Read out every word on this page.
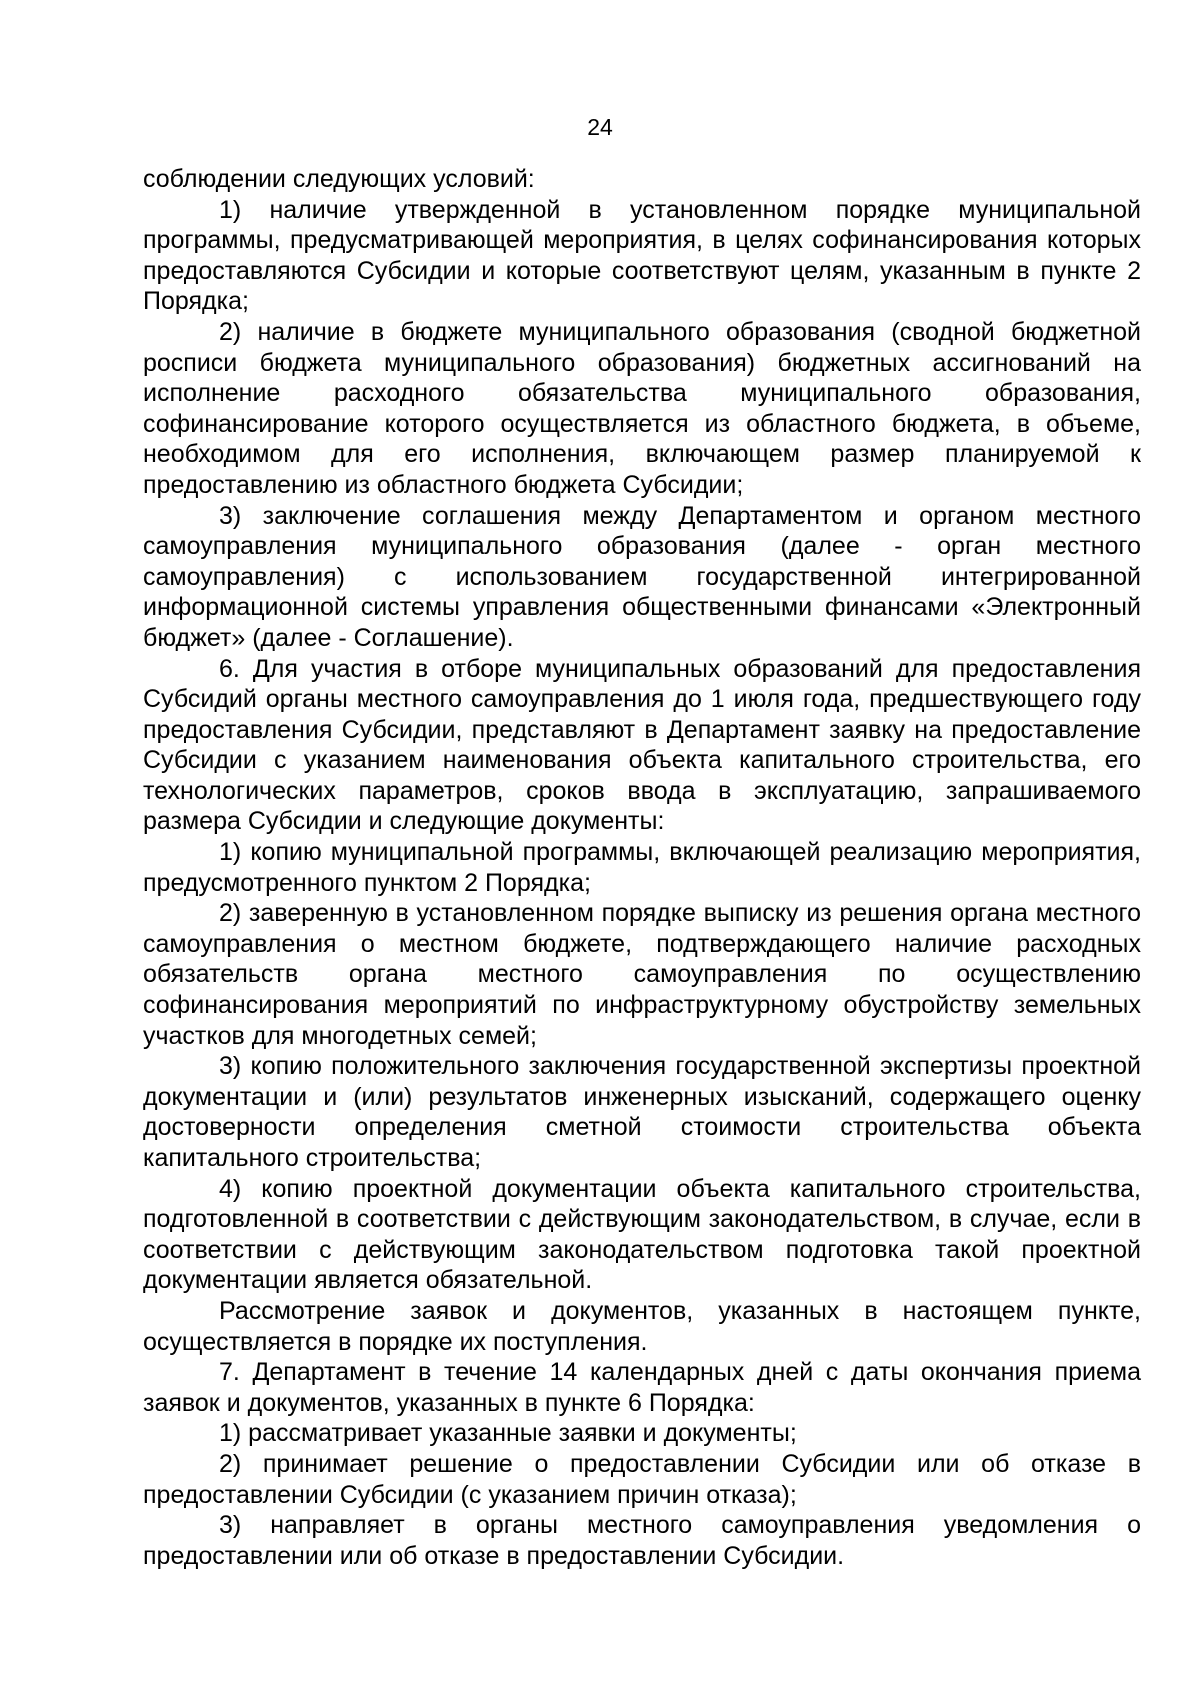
24

соблюдении следующих условий:

1) наличие утвержденной в установленном порядке муниципальной программы, предусматривающей мероприятия, в целях софинансирования которых предоставляются Субсидии и которые соответствуют целям, указанным в пункте 2 Порядка;

2) наличие в бюджете муниципального образования (сводной бюджетной росписи бюджета муниципального образования) бюджетных ассигнований на исполнение расходного обязательства муниципального образования, софинансирование которого осуществляется из областного бюджета, в объеме, необходимом для его исполнения, включающем размер планируемой к предоставлению из областного бюджета Субсидии;

3) заключение соглашения между Департаментом и органом местного самоуправления муниципального образования (далее - орган местного самоуправления) с использованием государственной интегрированной информационной системы управления общественными финансами «Электронный бюджет» (далее - Соглашение).

6. Для участия в отборе муниципальных образований для предоставления Субсидий органы местного самоуправления до 1 июля года, предшествующего году предоставления Субсидии, представляют в Департамент заявку на предоставление Субсидии с указанием наименования объекта капитального строительства, его технологических параметров, сроков ввода в эксплуатацию, запрашиваемого размера Субсидии и следующие документы:

1) копию муниципальной программы, включающей реализацию мероприятия, предусмотренного пунктом 2 Порядка;

2) заверенную в установленном порядке выписку из решения органа местного самоуправления о местном бюджете, подтверждающего наличие расходных обязательств органа местного самоуправления по осуществлению софинансирования мероприятий по инфраструктурному обустройству земельных участков для многодетных семей;

3) копию положительного заключения государственной экспертизы проектной документации и (или) результатов инженерных изысканий, содержащего оценку достоверности определения сметной стоимости строительства объекта капитального строительства;

4) копию проектной документации объекта капитального строительства, подготовленной в соответствии с действующим законодательством, в случае, если в соответствии с действующим законодательством подготовка такой проектной документации является обязательной.

Рассмотрение заявок и документов, указанных в настоящем пункте, осуществляется в порядке их поступления.

7. Департамент в течение 14 календарных дней с даты окончания приема заявок и документов, указанных в пункте 6 Порядка:

1) рассматривает указанные заявки и документы;

2) принимает решение о предоставлении Субсидии или об отказе в предоставлении Субсидии (с указанием причин отказа);

3) направляет в органы местного самоуправления уведомления о предоставлении или об отказе в предоставлении Субсидии.
